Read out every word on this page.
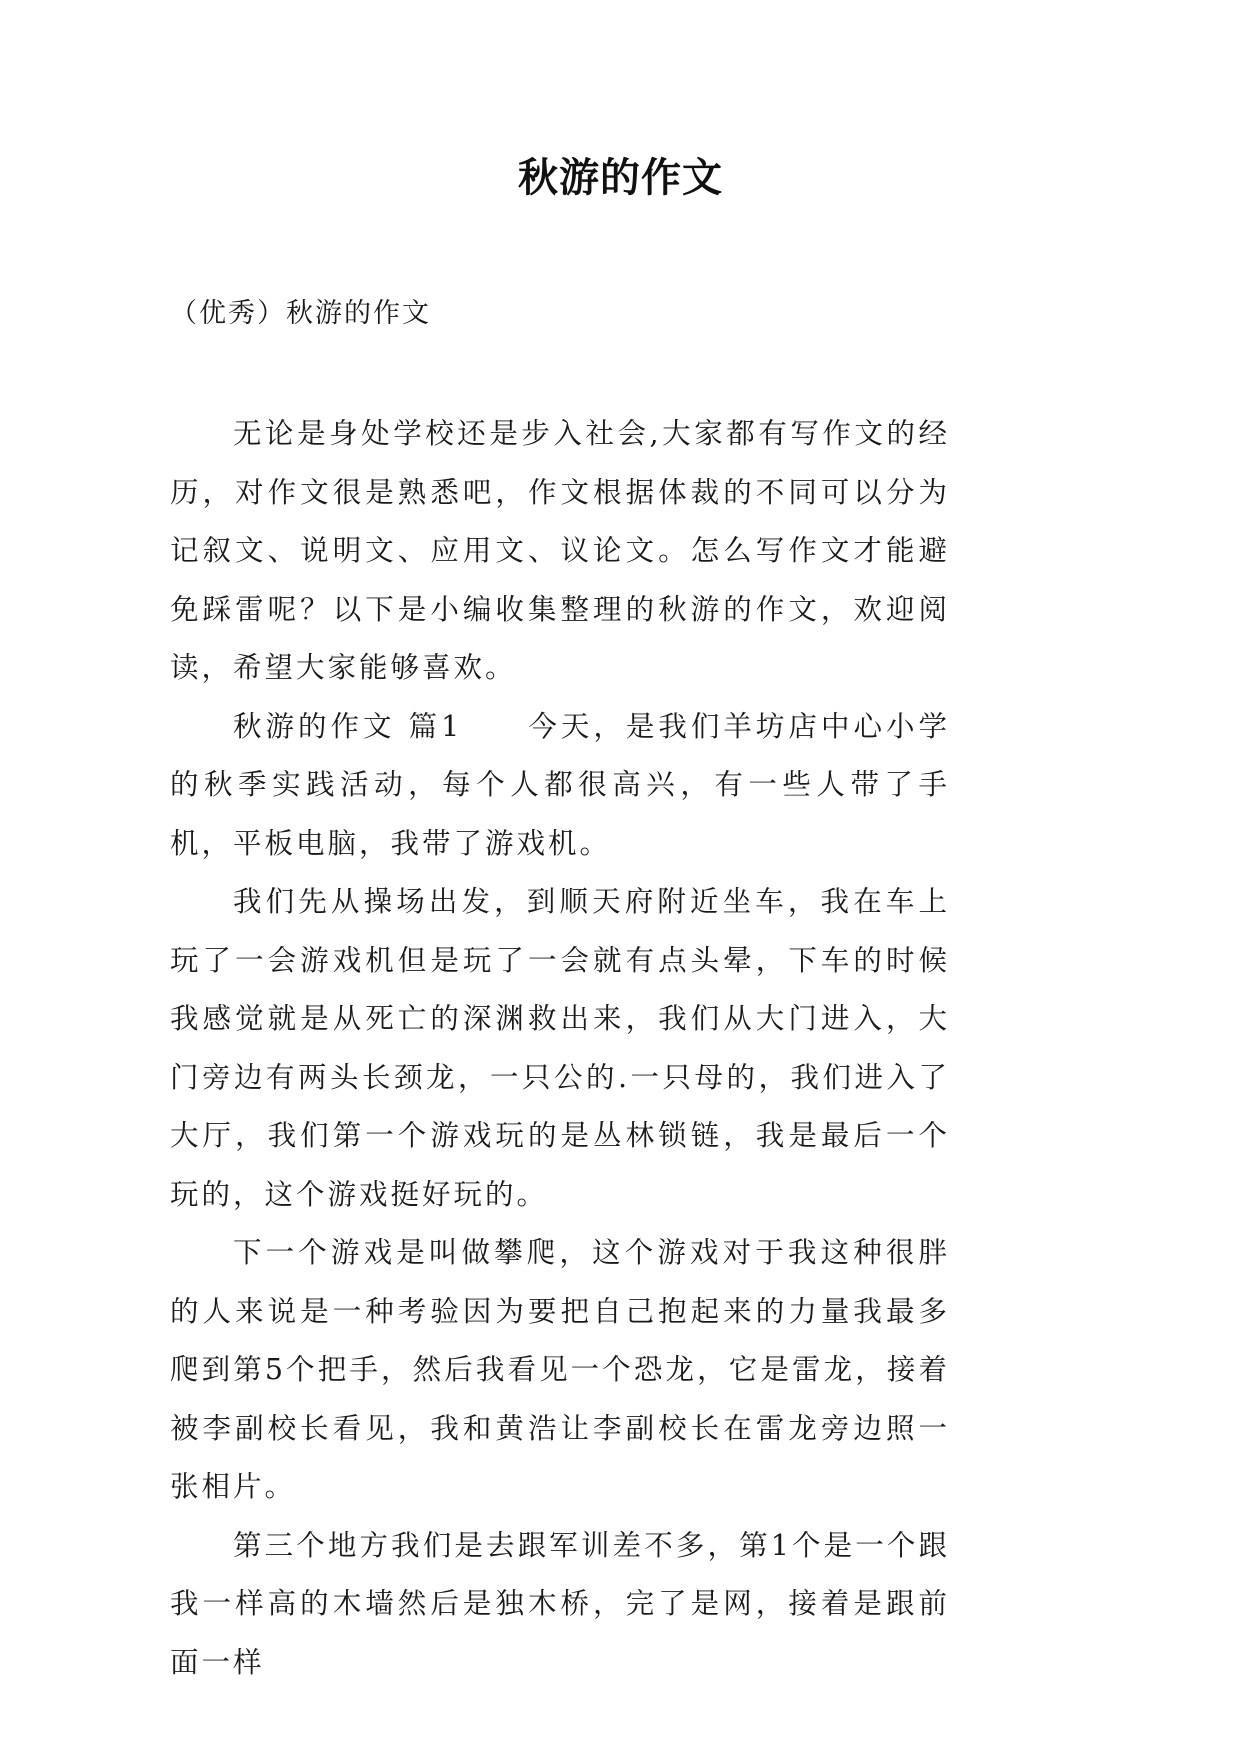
秋游的作文
（优秀）秋游的作文

无论是身处学校还是步入社会,大家都有写作文的经历，对作文很是熟悉吧，作文根据体裁的不同可以分为记叙文、说明文、应用文、议论文。怎么写作文才能避免踩雷呢？以下是小编收集整理的秋游的作文，欢迎阅读，希望大家能够喜欢。

秋游的作文 篇1　　今天，是我们羊坊店中心小学的秋季实践活动，每个人都很高兴，有一些人带了手机，平板电脑，我带了游戏机。

我们先从操场出发，到顺天府附近坐车，我在车上玩了一会游戏机但是玩了一会就有点头晕，下车的时候我感觉就是从死亡的深渊救出来，我们从大门进入，大门旁边有两头长颈龙，一只公的.一只母的，我们进入了大厅，我们第一个游戏玩的是丛林锁链，我是最后一个玩的，这个游戏挺好玩的。

下一个游戏是叫做攀爬，这个游戏对于我这种很胖的人来说是一种考验因为要把自己抱起来的力量我最多爬到第5个把手，然后我看见一个恐龙，它是雷龙，接着被李副校长看见，我和黄浩让李副校长在雷龙旁边照一张相片。

第三个地方我们是去跟军训差不多，第1个是一个跟我一样高的木墙然后是独木桥，完了是网，接着是跟前面一样
